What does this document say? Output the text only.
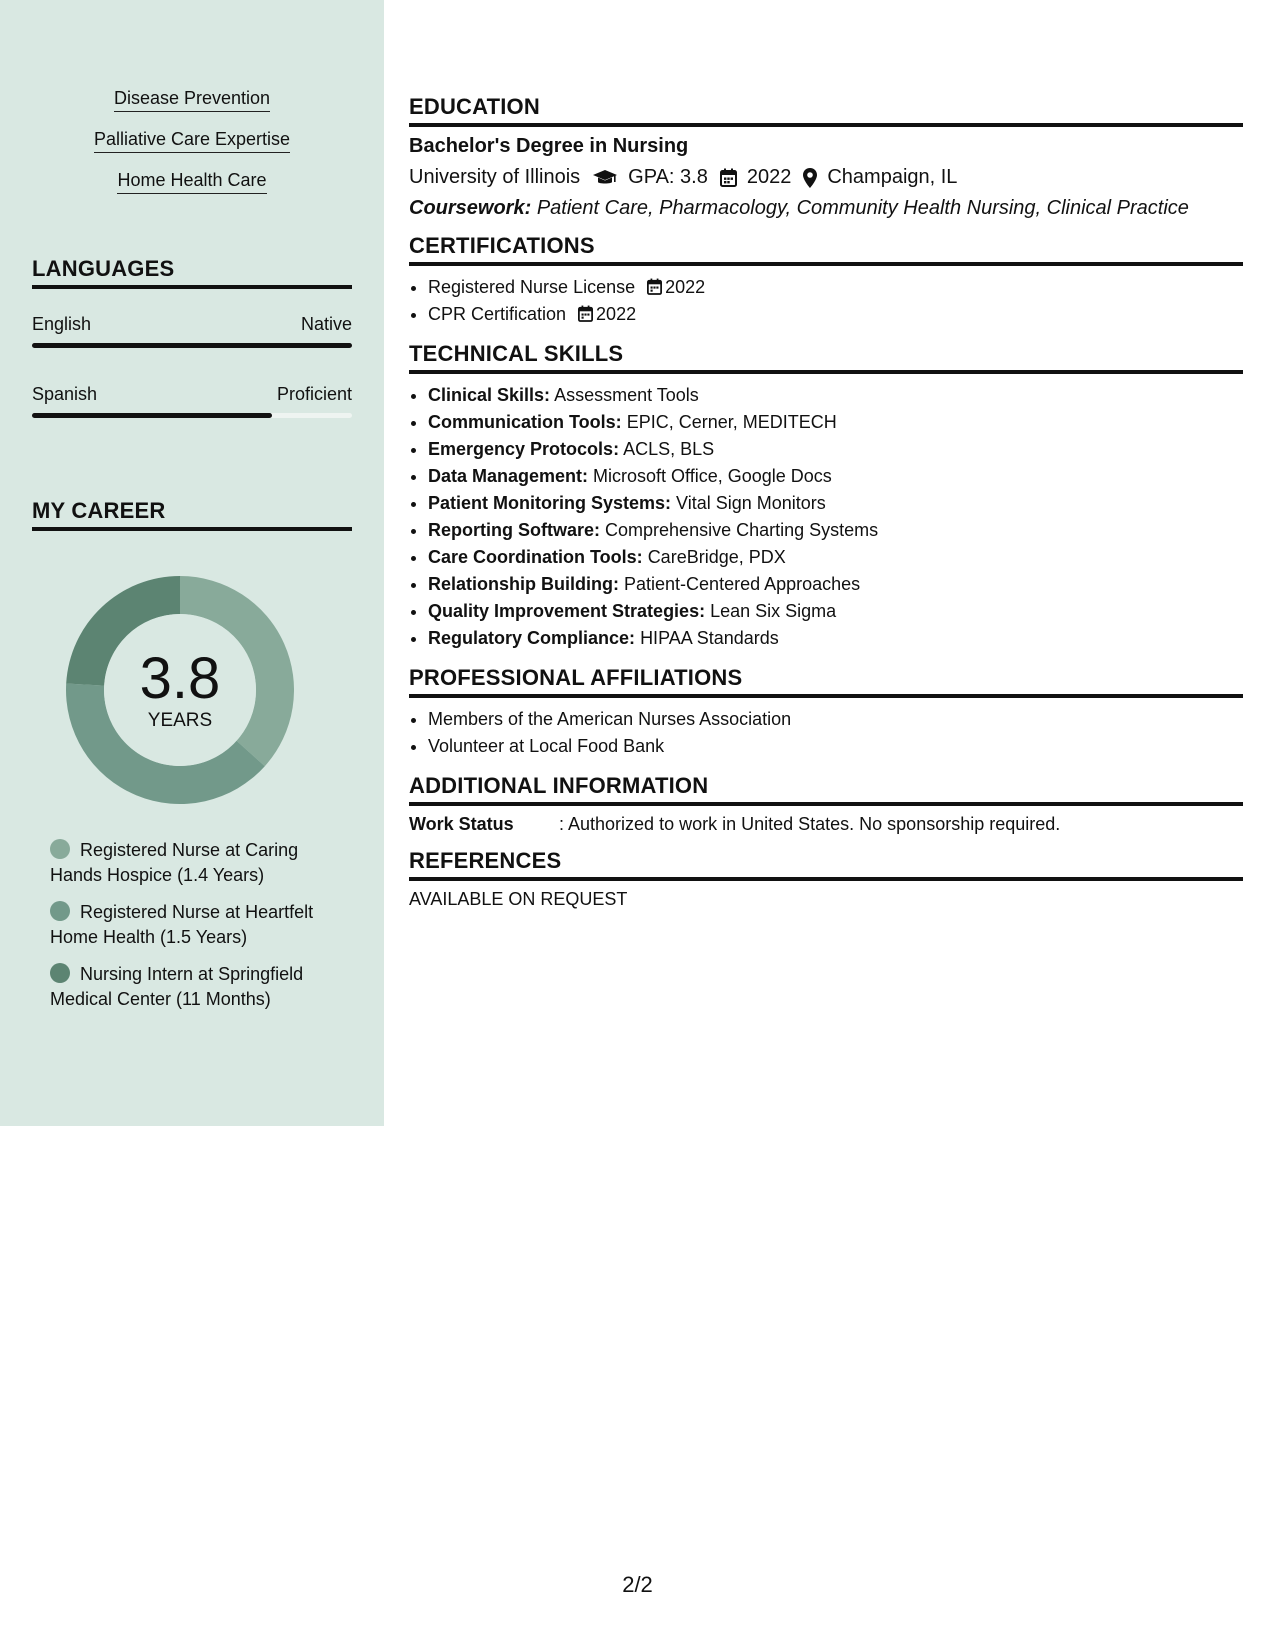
Disease Prevention
Palliative Care Expertise
Home Health Care
LANGUAGES
English	Native
Spanish	Proficient
MY CAREER
3.8
YEARS
Registered Nurse at Caring Hands Hospice (1.4 Years)
Registered Nurse at Heartfelt Home Health (1.5 Years)
Nursing Intern at Springfield Medical Center (11 Months)
EDUCATION
Bachelor's Degree in Nursing
University of Illinois GPA: 3.8 2022 Champaign, IL
Coursework: Patient Care, Pharmacology, Community Health Nursing, Clinical Practice
CERTIFICATIONS
• Registered Nurse License 2022
• CPR Certification 2022
TECHNICAL SKILLS
• Clinical Skills: Assessment Tools
• Communication Tools: EPIC, Cerner, MEDITECH
• Emergency Protocols: ACLS, BLS
• Data Management: Microsoft Office, Google Docs
• Patient Monitoring Systems: Vital Sign Monitors
• Reporting Software: Comprehensive Charting Systems
• Care Coordination Tools: CareBridge, PDX
• Relationship Building: Patient-Centered Approaches
• Quality Improvement Strategies: Lean Six Sigma
• Regulatory Compliance: HIPAA Standards
PROFESSIONAL AFFILIATIONS
• Members of the American Nurses Association
• Volunteer at Local Food Bank
ADDITIONAL INFORMATION
Work Status	: Authorized to work in United States. No sponsorship required.
REFERENCES
AVAILABLE ON REQUEST
2/2
